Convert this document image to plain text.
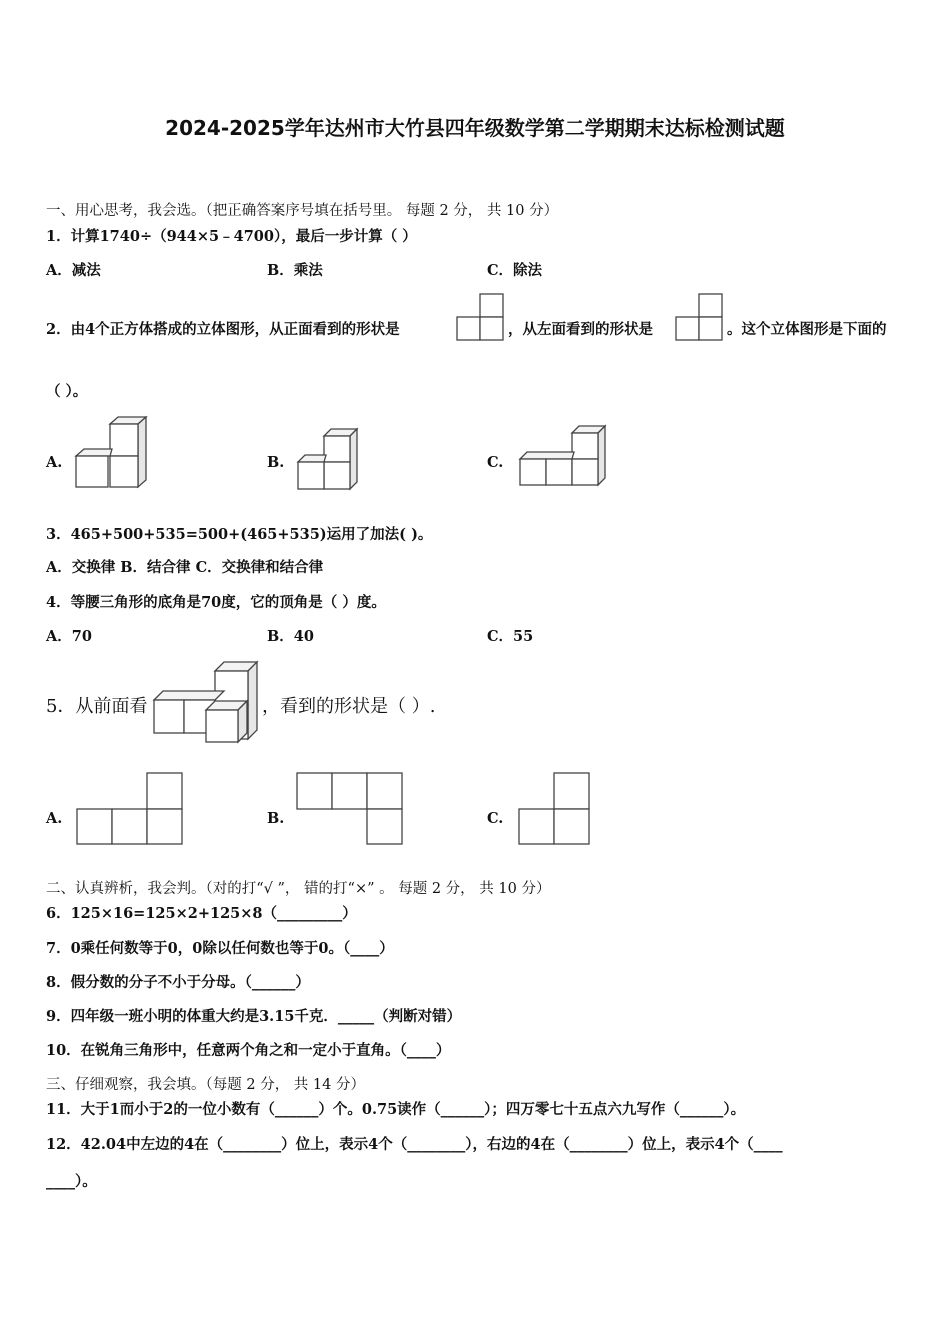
2024-2025学年达州市大竹县四年级数学第二学期期末达标检测试题
一、用心思考，我会选。（把正确答案序号填在括号里。 每题 2 分， 共 10 分）
1．计算1740÷（944×5﹣4700），最后一步计算（ ）
A．减法	B．乘法	C．除法
2．由4个正方体搭成的立体图形，从正面看到的形状是	，从左面看到的形状是	。这个立体图形是下面的
（ ）。
A.	B.	C.
3．465+500+535=500+(465+535)运用了加法( )。
A．交换律 B．结合律 C．交换律和结合律
4．等腰三角形的底角是70度，它的顶角是（ ）度。
A．70	B．40	C．55
5．从前面看	，看到的形状是（ ）.
A.	B.	C.
二、认真辨析，我会判。（对的打“√ ”， 错的打“×” 。 每题 2 分， 共 10 分）
6．125×16=125×2+125×8（_________）
7．0乘任何数等于0，0除以任何数也等于0。（____）
8．假分数的分子不小于分母。（______）
9．四年级一班小明的体重大约是3.15千克．_____（判断对错）
10．在锐角三角形中，任意两个角之和一定小于直角。（____）
三、仔细观察，我会填。（每题 2 分， 共 14 分）
11．大于1而小于2的一位小数有（______）个。0.75读作（______）；四万零七十五点六九写作（______）。
12．42.04中左边的4在（________）位上，表示4个（________），右边的4在（________）位上，表示4个（____
____）。
